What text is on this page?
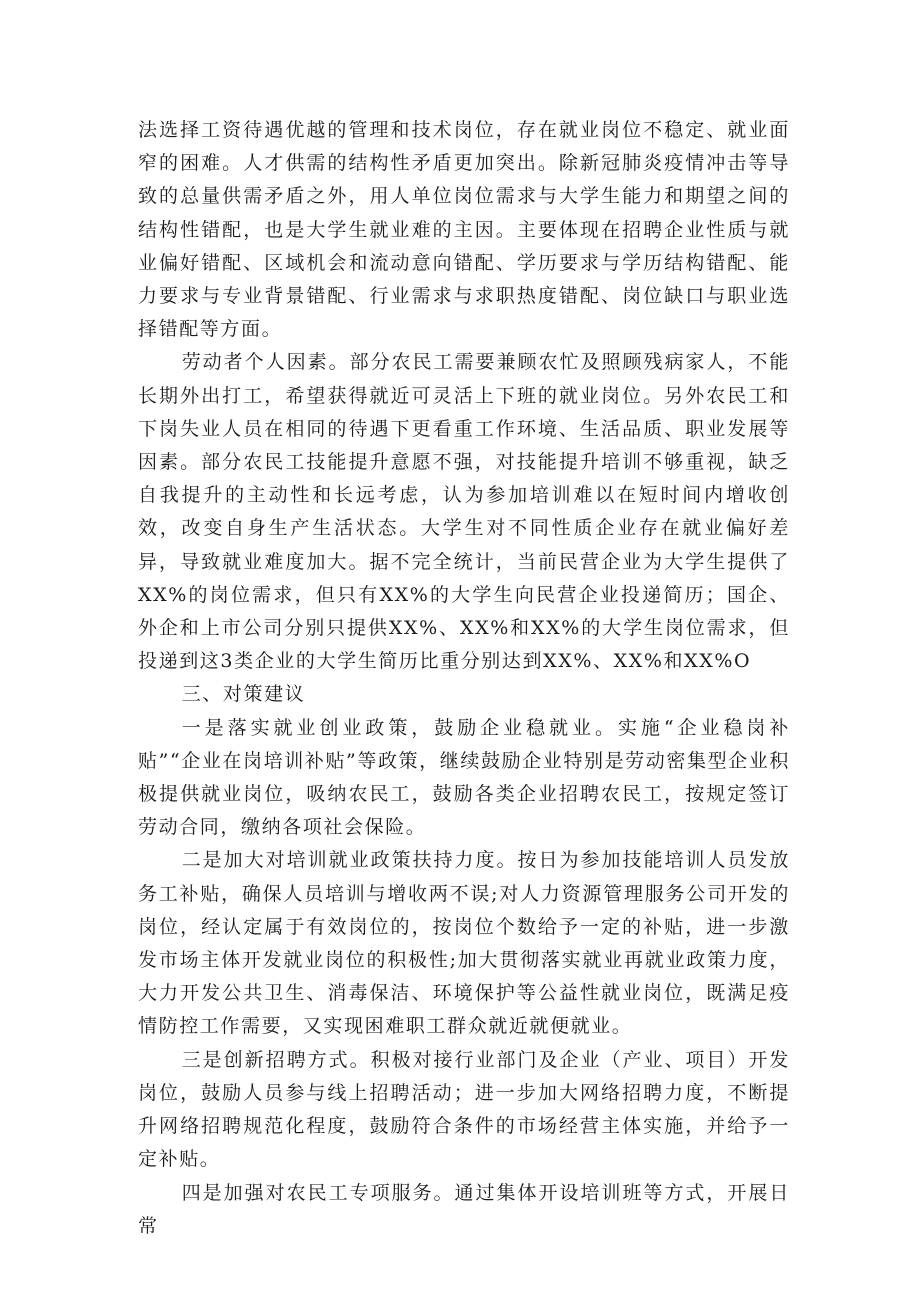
法选择工资待遇优越的管理和技术岗位，存在就业岗位不稳定、就业面窄的困难。人才供需的结构性矛盾更加突出。除新冠肺炎疫情冲击等导致的总量供需矛盾之外，用人单位岗位需求与大学生能力和期望之间的结构性错配，也是大学生就业难的主因。主要体现在招聘企业性质与就业偏好错配、区域机会和流动意向错配、学历要求与学历结构错配、能力要求与专业背景错配、行业需求与求职热度错配、岗位缺口与职业选择错配等方面。

劳动者个人因素。部分农民工需要兼顾农忙及照顾残病家人，不能长期外出打工，希望获得就近可灵活上下班的就业岗位。另外农民工和下岗失业人员在相同的待遇下更看重工作环境、生活品质、职业发展等因素。部分农民工技能提升意愿不强，对技能提升培训不够重视，缺乏自我提升的主动性和长远考虑，认为参加培训难以在短时间内增收创效，改变自身生产生活状态。大学生对不同性质企业存在就业偏好差异，导致就业难度加大。据不完全统计，当前民营企业为大学生提供了XX%的岗位需求，但只有XX%的大学生向民营企业投递简历；国企、外企和上市公司分别只提供XX%、XX%和XX%的大学生岗位需求，但投递到这3类企业的大学生简历比重分别达到XX%、XX%和XX%O

三、对策建议

一是落实就业创业政策，鼓励企业稳就业。实施“企业稳岗补贴”“企业在岗培训补贴”等政策，继续鼓励企业特别是劳动密集型企业积极提供就业岗位，吸纳农民工，鼓励各类企业招聘农民工，按规定签订劳动合同，缴纳各项社会保险。

二是加大对培训就业政策扶持力度。按日为参加技能培训人员发放务工补贴，确保人员培训与增收两不误;对人力资源管理服务公司开发的岗位，经认定属于有效岗位的，按岗位个数给予一定的补贴，进一步激发市场主体开发就业岗位的积极性;加大贯彻落实就业再就业政策力度，大力开发公共卫生、消毒保洁、环境保护等公益性就业岗位，既满足疫情防控工作需要，又实现困难职工群众就近就便就业。

三是创新招聘方式。积极对接行业部门及企业（产业、项目）开发岗位，鼓励人员参与线上招聘活动；进一步加大网络招聘力度，不断提升网络招聘规范化程度，鼓励符合条件的市场经营主体实施，并给予一定补贴。

四是加强对农民工专项服务。通过集体开设培训班等方式，开展日常
